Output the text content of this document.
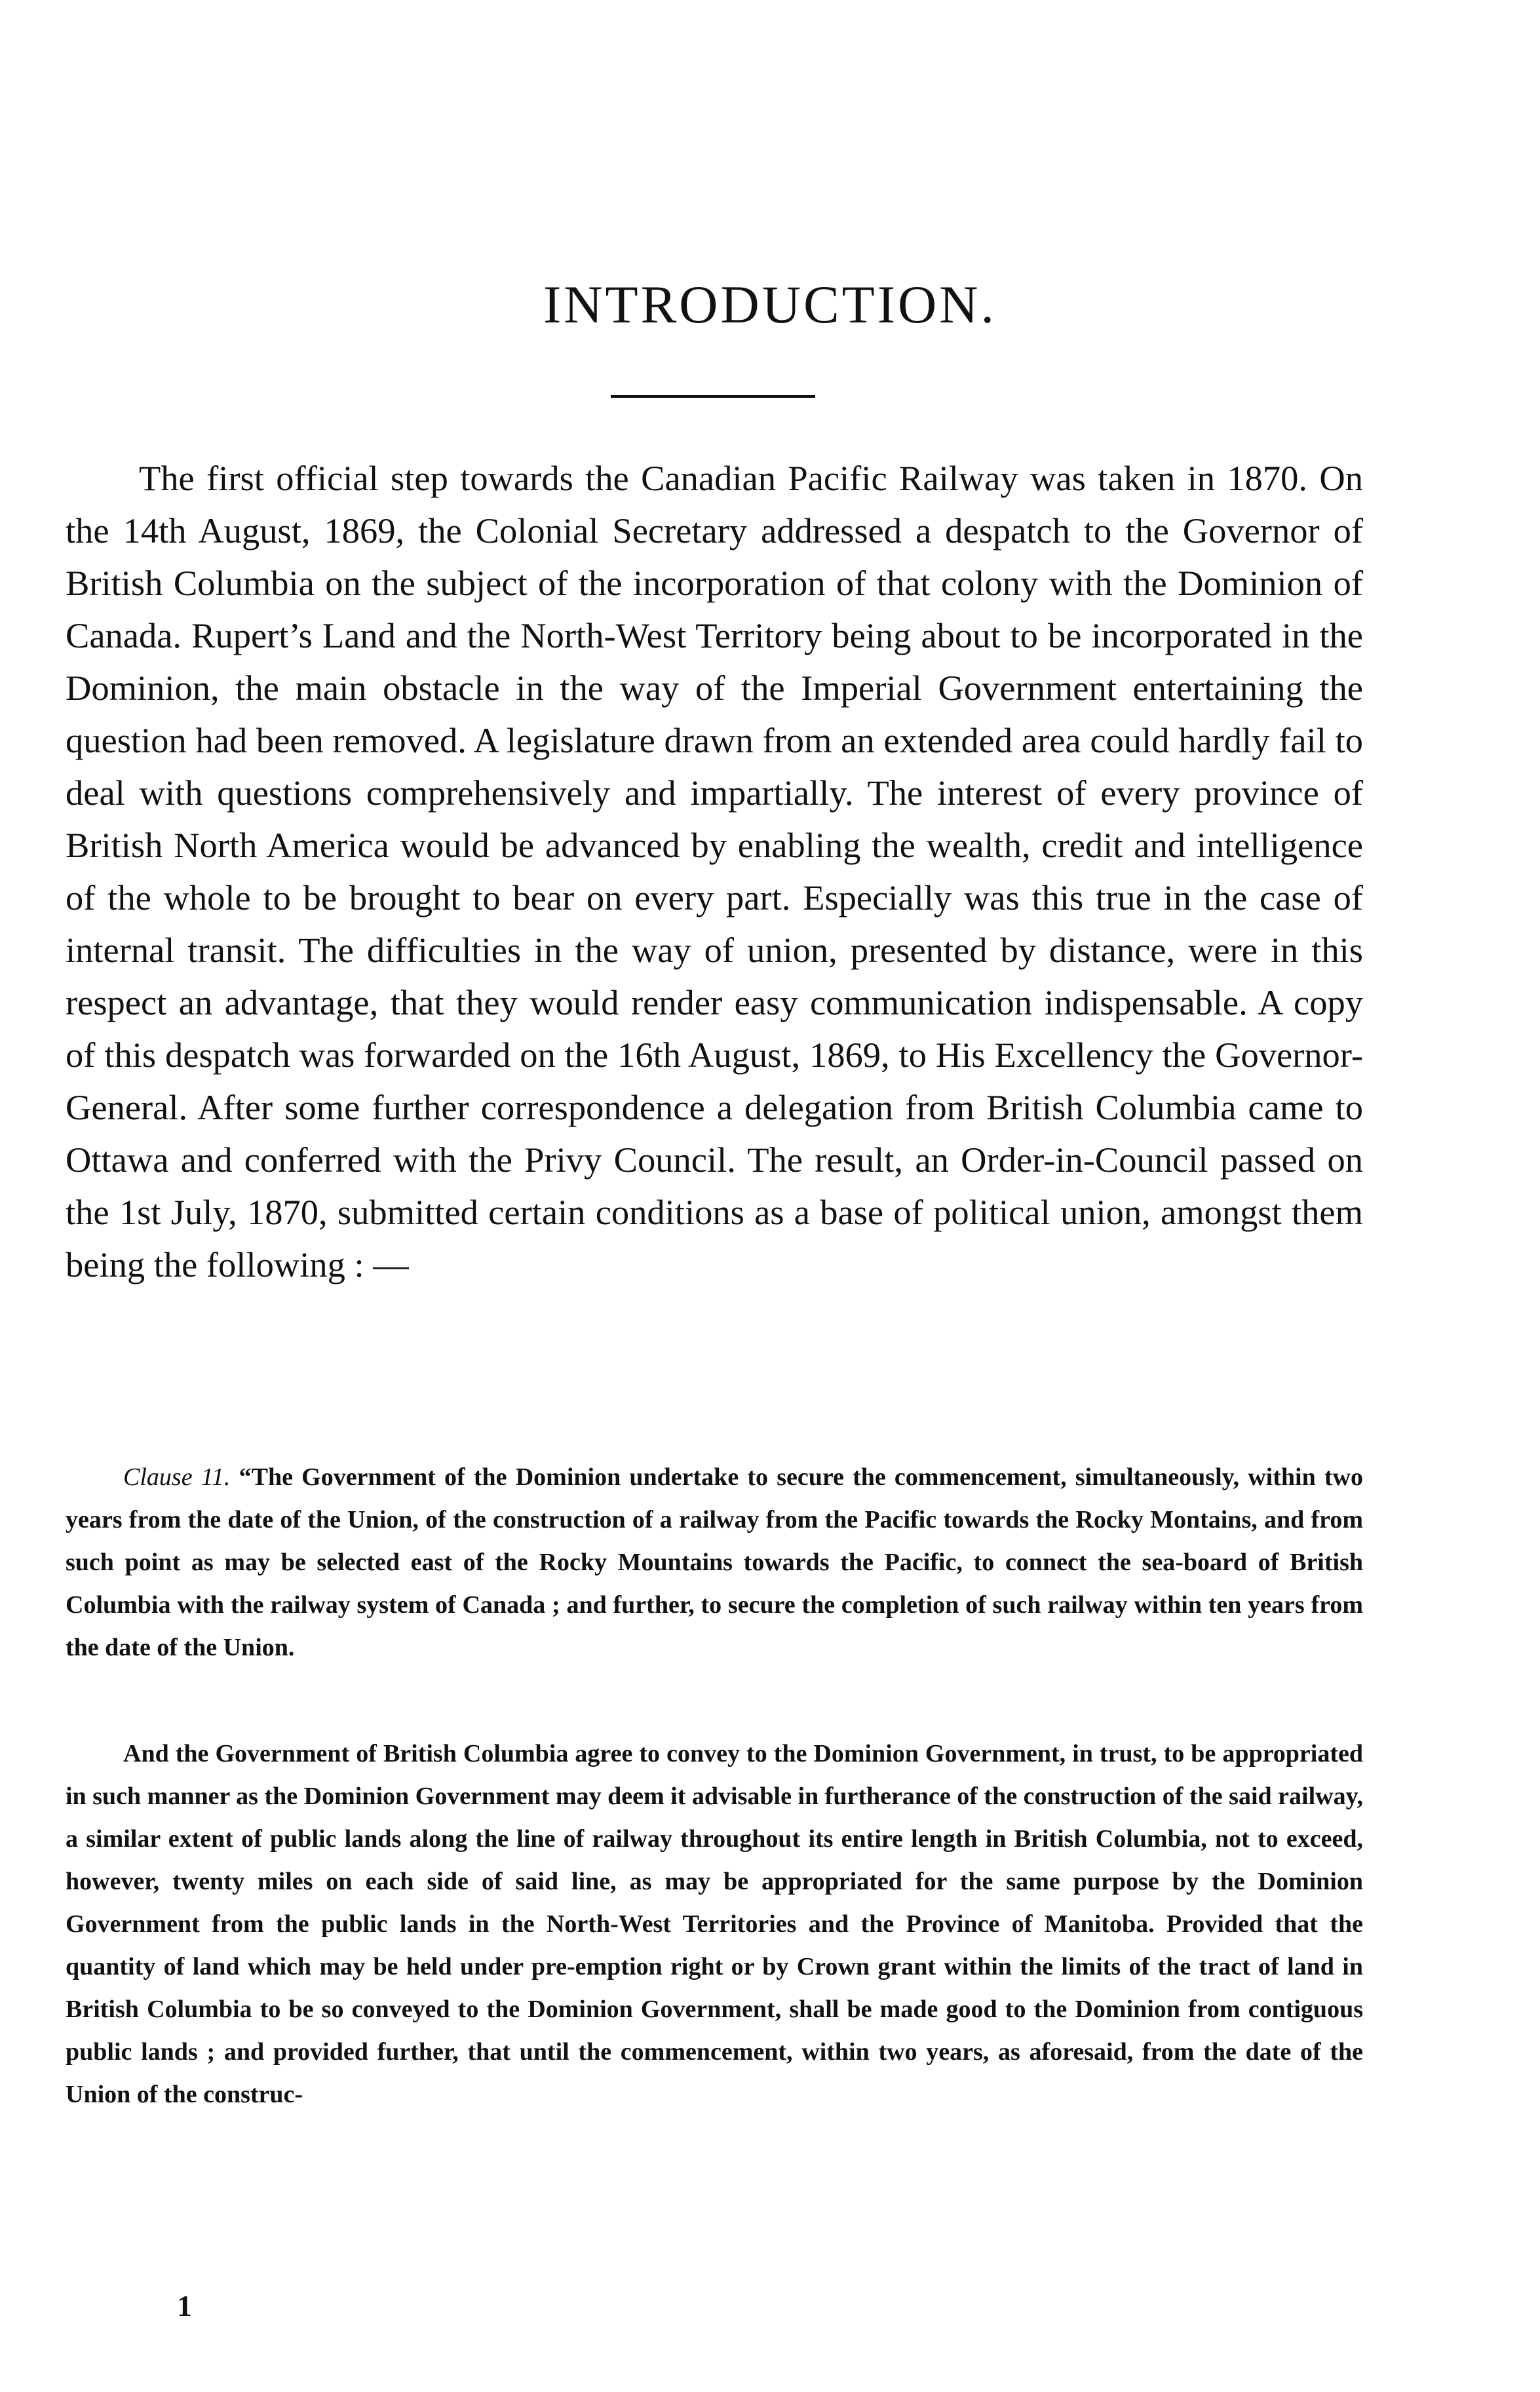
INTRODUCTION.

The first official step towards the Canadian Pacific Railway was taken in 1870. On the 14th August, 1869, the Colonial Secretary addressed a despatch to the Governor of British Columbia on the subject of the incorporation of that colony with the Dominion of Canada. Rupert’s Land and the North-West Territory being about to be incorporated in the Dominion, the main obstacle in the way of the Imperial Government entertaining the question had been removed. A legislature drawn from an extended area could hardly fail to deal with questions comprehensively and impartially. The interest of every province of British North America would be advanced by enabling the wealth, credit and intelligence of the whole to be brought to bear on every part. Especially was this true in the case of internal transit. The difficulties in the way of union, presented by distance, were in this respect an advantage, that they would render easy communication indispensable. A copy of this despatch was forwarded on the 16th August, 1869, to His Excellency the Governor-General. After some further correspondence a delegation from British Columbia came to Ottawa and conferred with the Privy Council. The result, an Order-in-Council passed on the 1st July, 1870, submitted certain conditions as a base of political union, amongst them being the following : —

Clause 11. “The Government of the Dominion undertake to secure the commencement, simultaneously, within two years from the date of the Union, of the construction of a railway from the Pacific towards the Rocky Montains, and from such point as may be selected east of the Rocky Mountains towards the Pacific, to connect the sea-board of British Columbia with the railway system of Canada ; and further, to secure the completion of such railway within ten years from the date of the Union.

And the Government of British Columbia agree to convey to the Dominion Government, in trust, to be appropriated in such manner as the Dominion Government may deem it advisable in furtherance of the construction of the said railway, a similar extent of public lands along the line of railway throughout its entire length in British Columbia, not to exceed, however, twenty miles on each side of said line, as may be appropriated for the same purpose by the Dominion Government from the public lands in the North-West Territories and the Province of Manitoba. Provided that the quantity of land which may be held under pre-emption right or by Crown grant within the limits of the tract of land in British Columbia to be so conveyed to the Dominion Government, shall be made good to the Dominion from contiguous public lands ; and provided further, that until the commencement, within two years, as aforesaid, from the date of the Union of the construc-

1
